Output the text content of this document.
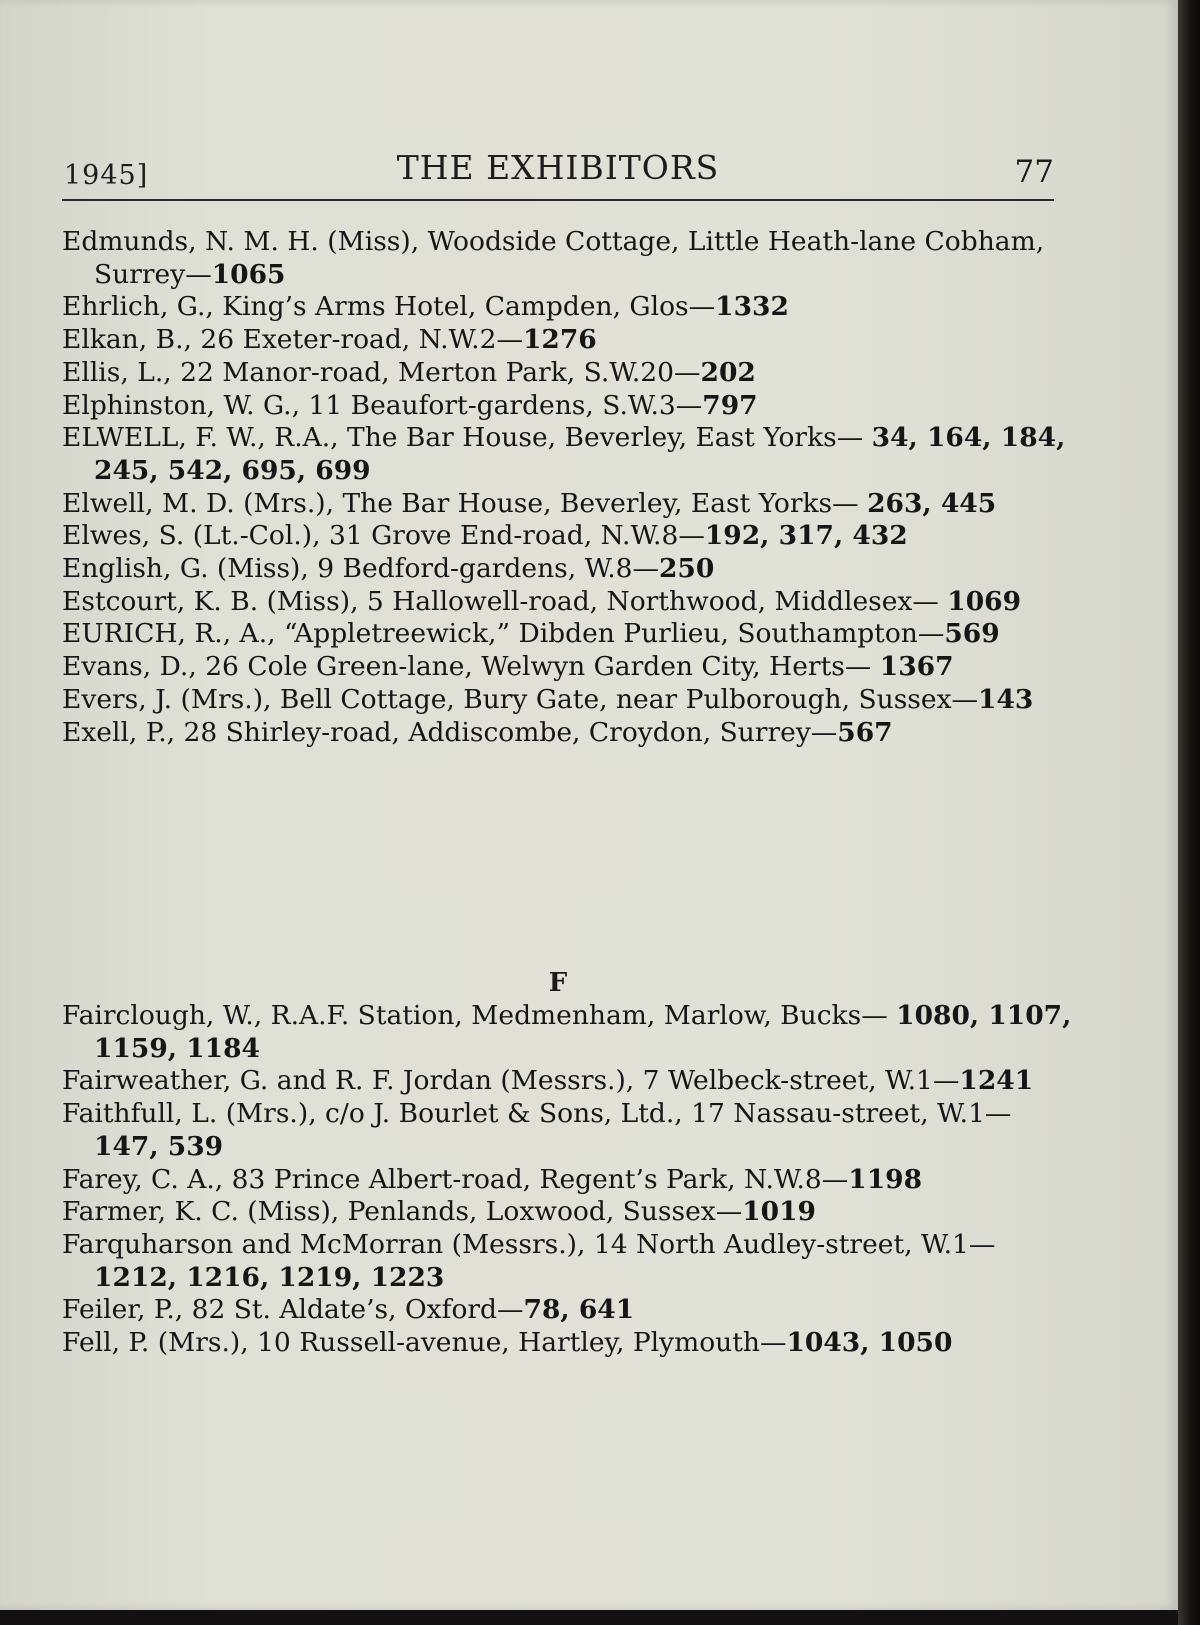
1945]	THE EXHIBITORS	77
Edmunds, N. M. H. (Miss), Woodside Cottage, Little Heath-lanе Cobham, Surrey—1065
Ehrlich, G., King’s Arms Hotel, Campden, Glos—1332
Elkan, B., 26 Exeter-road, N.W.2—1276
Ellis, L., 22 Manor-road, Merton Park, S.W.20—202
Elphinston, W. G., 11 Beaufort-gardens, S.W.3—797
ELWELL, F. W., R.A., The Bar House, Beverley, East Yorks— 34, 164, 184, 245, 542, 695, 699
Elwell, M. D. (Mrs.), The Bar House, Beverley, East Yorks— 263, 445
Elwes, S. (Lt.-Col.), 31 Grove End-road, N.W.8—192, 317, 432
English, G. (Miss), 9 Bedford-gardens, W.8—250
Estcourt, K. B. (Miss), 5 Hallowell-road, Northwood, Middlesex— 1069
EURICH, R., A., “Appletreewick,” Dibden Purlieu, Southampton—569
Evans, D., 26 Cole Green-lane, Welwyn Garden City, Herts— 1367
Evers, J. (Mrs.), Bell Cottage, Bury Gate, near Pulborough, Sussex—143
Exell, P., 28 Shirley-road, Addiscombe, Croydon, Surrey—567
F
Fairclough, W., R.A.F. Station, Medmenham, Marlow, Bucks— 1080, 1107, 1159, 1184
Fairweather, G. and R. F. Jordan (Messrs.), 7 Welbeck-street, W.1—1241
Faithfull, L. (Mrs.), c/o J. Bourlet & Sons, Ltd., 17 Nassau-street, W.1—147, 539
Farey, C. A., 83 Prince Albert-road, Regent’s Park, N.W.8—1198
Farmer, K. C. (Miss), Penlands, Loxwood, Sussex—1019
Farquharson and McMorran (Messrs.), 14 North Audley-street, W.1—1212, 1216, 1219, 1223
Feiler, P., 82 St. Aldate’s, Oxford—78, 641
Fell, P. (Mrs.), 10 Russell-avenue, Hartley, Plymouth—1043, 1050
